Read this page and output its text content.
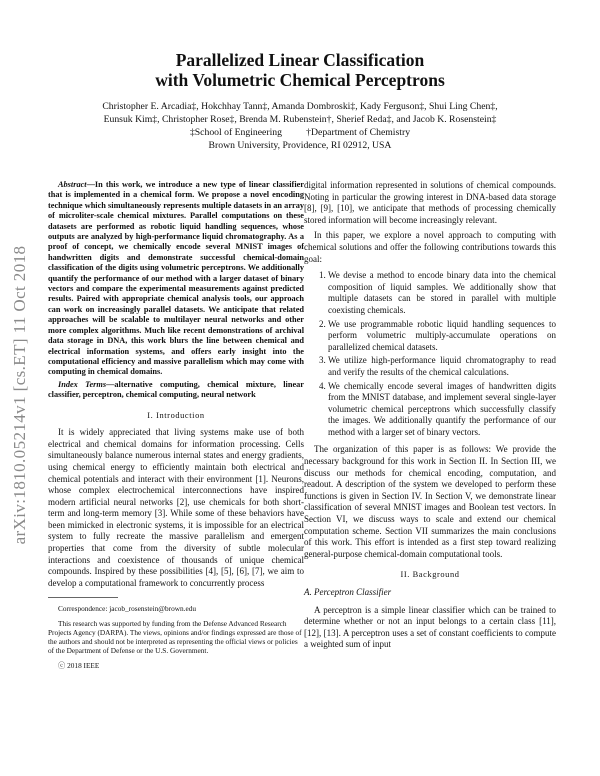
arXiv:1810.05214v1 [cs.ET] 11 Oct 2018
Parallelized Linear Classification
with Volumetric Chemical Perceptrons
Christopher E. Arcadia‡, Hokchhay Tann‡, Amanda Dombroski‡, Kady Ferguson‡, Shui Ling Chen‡,
Eunsuk Kim‡, Christopher Rose‡, Brenda M. Rubenstein†, Sherief Reda‡, and Jacob K. Rosenstein‡
‡School of Engineering          †Department of Chemistry
Brown University, Providence, RI 02912, USA

Abstract—In this work, we introduce a new type of linear classifier that is implemented in a chemical form. We propose a novel encoding technique which simultaneously represents multiple datasets in an array of microliter-scale chemical mixtures. Parallel computations on these datasets are performed as robotic liquid handling sequences, whose outputs are analyzed by high-performance liquid chromatography. As a proof of concept, we chemically encode several MNIST images of handwritten digits and demonstrate successful chemical-domain classification of the digits using volumetric perceptrons. We additionally quantify the performance of our method with a larger dataset of binary vectors and compare the experimental measurements against predicted results. Paired with appropriate chemical analysis tools, our approach can work on increasingly parallel datasets. We anticipate that related approaches will be scalable to multilayer neural networks and other more complex algorithms. Much like recent demonstrations of archival data storage in DNA, this work blurs the line between chemical and electrical information systems, and offers early insight into the computational efficiency and massive parallelism which may come with computing in chemical domains.

Index Terms—alternative computing, chemical mixture, linear classifier, perceptron, chemical computing, neural network

I. Introduction

It is widely appreciated that living systems make use of both electrical and chemical domains for information processing. Cells simultaneously balance numerous internal states and energy gradients, using chemical energy to efficiently maintain both electrical and chemical potentials and interact with their environment [1]. Neurons, whose complex electrochemical interconnections have inspired modern artificial neural networks [2], use chemicals for both short-term and long-term memory [3]. While some of these behaviors have been mimicked in electronic systems, it is impossible for an electrical system to fully recreate the massive parallelism and emergent properties that come from the diversity of subtle molecular interactions and coexistence of thousands of unique chemical compounds. Inspired by these possibilities [4], [5], [6], [7], we aim to develop a computational framework to concurrently process

Correspondence: jacob_rosenstein@brown.edu

This research was supported by funding from the Defense Advanced Research Projects Agency (DARPA). The views, opinions and/or findings expressed are those of the authors and should not be interpreted as representing the official views or policies of the Department of Defense or the U.S. Government.

ⓒ 2018 IEEE

digital information represented in solutions of chemical compounds. Noting in particular the growing interest in DNA-based data storage [8], [9], [10], we anticipate that methods of processing chemically stored information will become increasingly relevant.

In this paper, we explore a novel approach to computing with chemical solutions and offer the following contributions towards this goal:

1. We devise a method to encode binary data into the chemical composition of liquid samples. We additionally show that multiple datasets can be stored in parallel with multiple coexisting chemicals.
2. We use programmable robotic liquid handling sequences to perform volumetric multiply-accumulate operations on parallelized chemical datasets.
3. We utilize high-performance liquid chromatography to read and verify the results of the chemical calculations.
4. We chemically encode several images of handwritten digits from the MNIST database, and implement several single-layer volumetric chemical perceptrons which successfully classify the images. We additionally quantify the performance of our method with a larger set of binary vectors.

The organization of this paper is as follows: We provide the necessary background for this work in Section II. In Section III, we discuss our methods for chemical encoding, computation, and readout. A description of the system we developed to perform these functions is given in Section IV. In Section V, we demonstrate linear classification of several MNIST images and Boolean test vectors. In Section VI, we discuss ways to scale and extend our chemical computation scheme. Section VII summarizes the main conclusions of this work. This effort is intended as a first step toward realizing general-purpose chemical-domain computational tools.

II. Background
A. Perceptron Classifier

A perceptron is a simple linear classifier which can be trained to determine whether or not an input belongs to a certain class [11], [12], [13]. A perceptron uses a set of constant coefficients to compute a weighted sum of input
